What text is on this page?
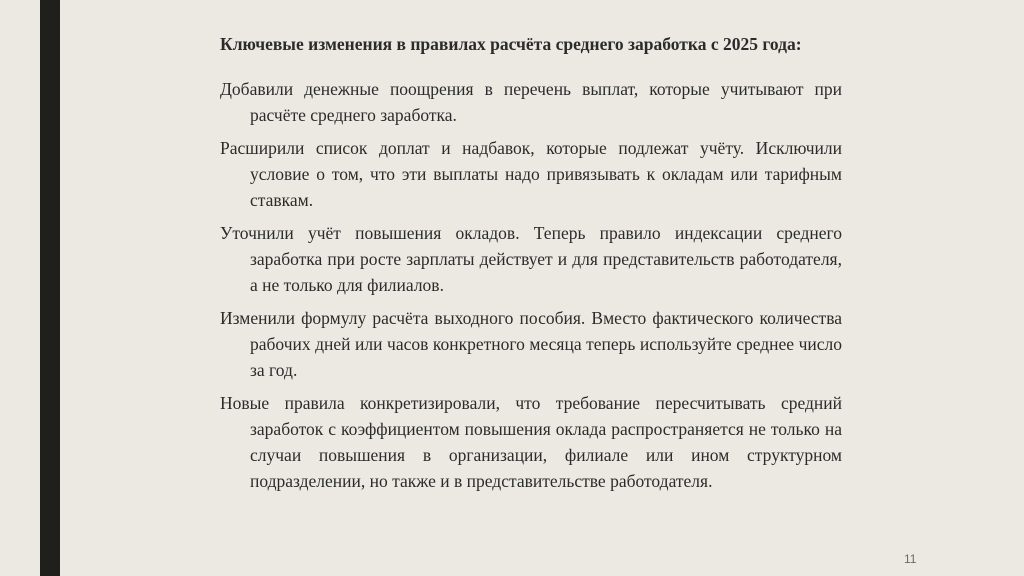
Ключевые изменения в правилах расчёта среднего заработка с 2025 года:

Добавили денежные поощрения в перечень выплат, которые учитывают при расчёте среднего заработка.

Расширили список доплат и надбавок, которые подлежат учёту. Исключили условие о том, что эти выплаты надо привязывать к окладам или тарифным ставкам.

Уточнили учёт повышения окладов. Теперь правило индексации среднего заработка при росте зарплаты действует и для представительств работодателя, а не только для филиалов.

Изменили формулу расчёта выходного пособия. Вместо фактического количества рабочих дней или часов конкретного месяца теперь используйте среднее число за год.

Новые правила конкретизировали, что требование пересчитывать средний заработок с коэффициентом повышения оклада распространяется не только на случаи повышения в организации, филиале или ином структурном подразделении, но также и в представительстве работодателя.

11
